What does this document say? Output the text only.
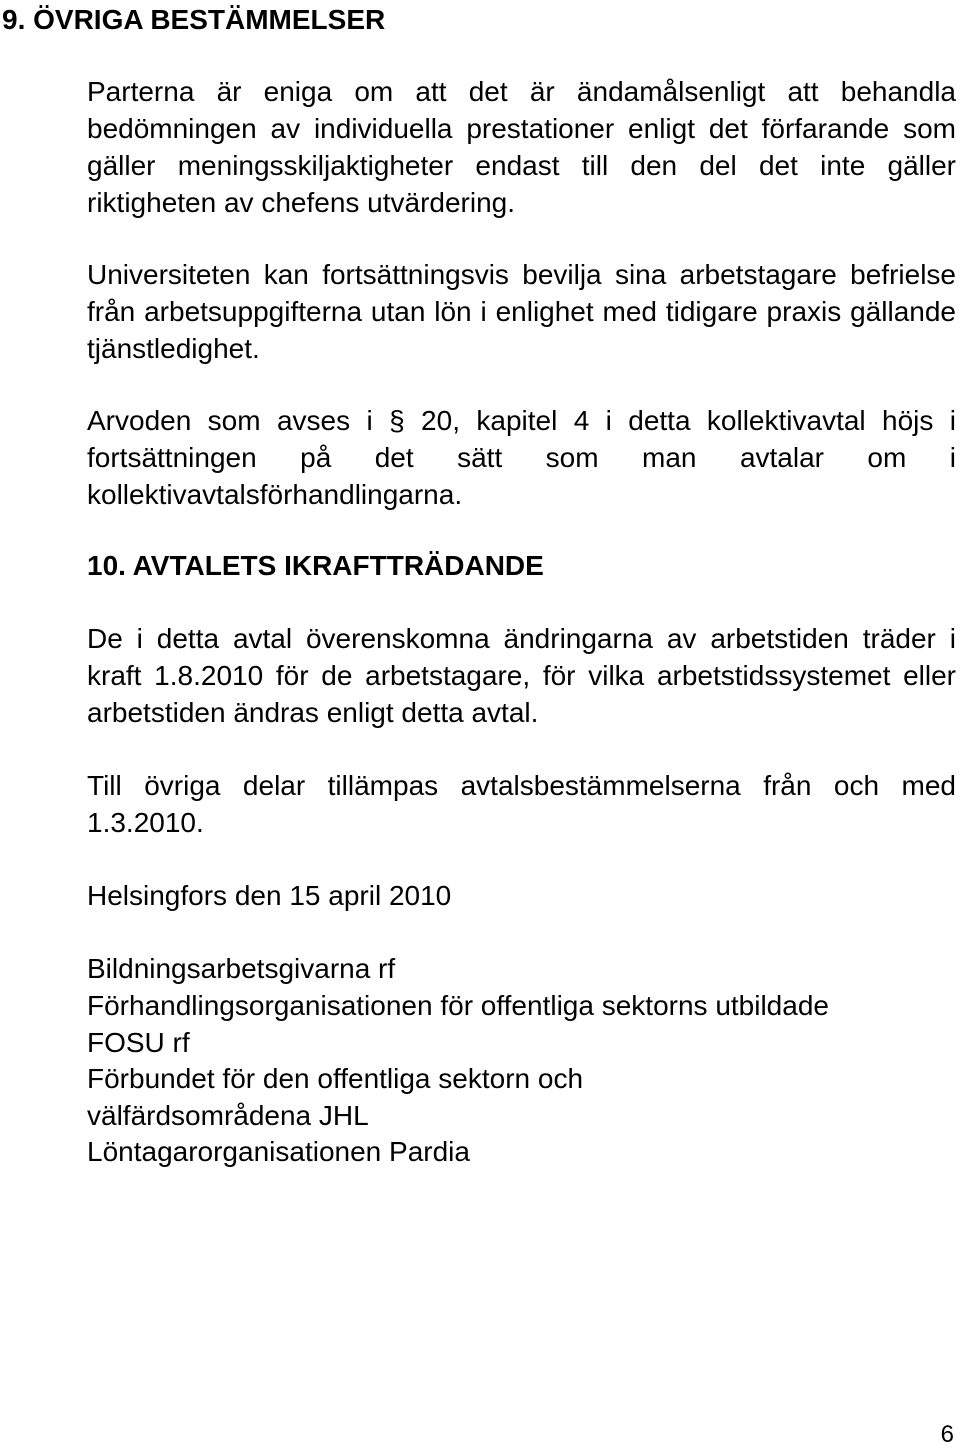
9. ÖVRIGA BESTÄMMELSER

Parterna är eniga om att det är ändamålsenligt att behandla bedömningen av individuella prestationer enligt det förfarande som gäller meningsskiljaktigheter endast till den del det inte gäller riktigheten av chefens utvärdering.

Universiteten kan fortsättningsvis bevilja sina arbetstagare befrielse från arbetsuppgifterna utan lön i enlighet med tidigare praxis gällande tjänstledighet.

Arvoden som avses i § 20, kapitel 4 i detta kollektivavtal höjs i fortsättningen på det sätt som man avtalar om i kollektivavtalsförhandlingarna.

10. AVTALETS IKRAFTTRÄDANDE

De i detta avtal överenskomna ändringarna av arbetstiden träder i kraft 1.8.2010 för de arbetstagare, för vilka arbetstidssystemet eller arbetstiden ändras enligt detta avtal.

Till övriga delar tillämpas avtalsbestämmelserna från och med 1.3.2010.

Helsingfors den 15 april 2010

Bildningsarbetsgivarna rf

Förhandlingsorganisationen för offentliga sektorns utbildade

FOSU rf

Förbundet för den offentliga sektorn och

välfärdsområdena JHL

Löntagarorganisationen Pardia

6
